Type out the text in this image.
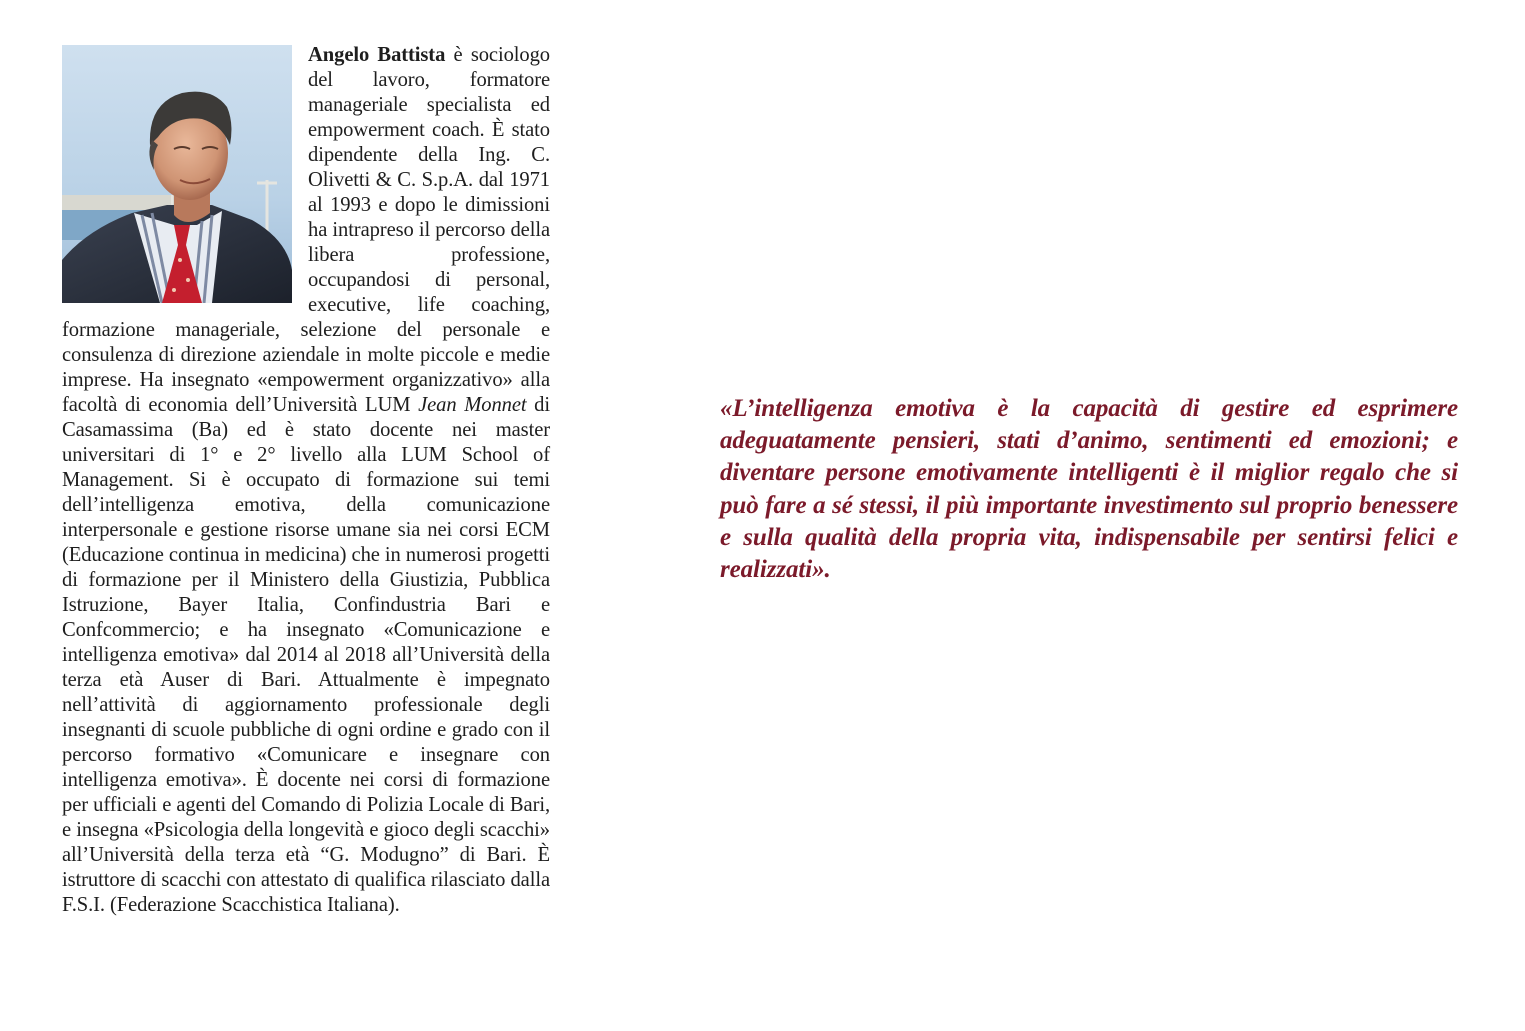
Angelo Battista è sociologo del lavoro, formatore manageriale specialista ed empowerment coach. È stato dipendente della Ing. C. Olivetti & C. S.p.A. dal 1971 al 1993 e dopo le dimissioni ha intrapreso il percorso della libera professione, occupandosi di personal, executive, life coaching, formazione manageriale, selezione del personale e consulenza di direzione aziendale in molte piccole e medie imprese. Ha insegnato «empowerment organizzativo» alla facoltà di economia dell’Università LUM Jean Monnet di Casamassima (Ba) ed è stato docente nei master universitari di 1° e 2° livello alla LUM School of Management. Si è occupato di formazione sui temi dell’intelligenza emotiva, della comunicazione interpersonale e gestione risorse umane sia nei corsi ECM (Educazione continua in medicina) che in numerosi progetti di formazione per il Ministero della Giustizia, Pubblica Istruzione, Bayer Italia, Confindustria Bari e Confcommercio; e ha insegnato «Comunicazione e intelligenza emotiva» dal 2014 al 2018 all’Università della terza età Auser di Bari. Attualmente è impegnato nell’attività di aggiornamento professionale degli insegnanti di scuole pubbliche di ogni ordine e grado con il percorso formativo «Comunicare e insegnare con intelligenza emotiva». È docente nei corsi di formazione per ufficiali e agenti del Comando di Polizia Locale di Bari, e insegna «Psicologia della longevità e gioco degli scacchi» all’Università della terza età “G. Modugno” di Bari. È istruttore di scacchi con attestato di qualifica rilasciato dalla F.S.I. (Federazione Scacchistica Italiana).

«L’intelligenza emotiva è la capacità di gestire ed esprimere adeguatamente pensieri, stati d’animo, sentimenti ed emozioni; e diventare persone emotivamente intelligenti è il miglior regalo che si può fare a sé stessi, il più importante investimento sul proprio benessere e sulla qualità della propria vita, indispensabile per sentirsi felici e realizzati».
